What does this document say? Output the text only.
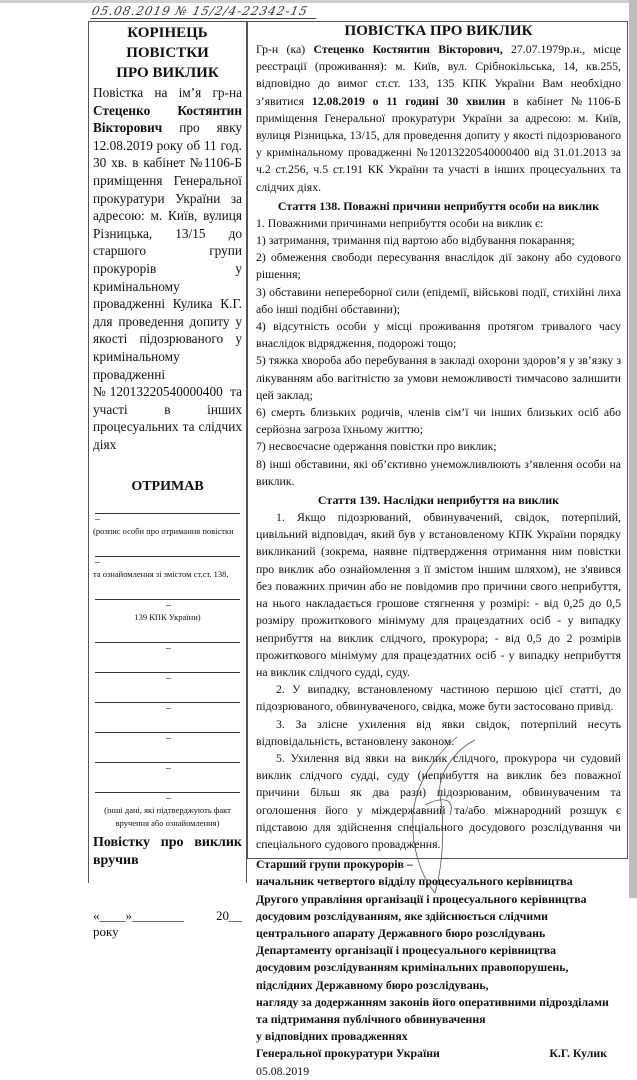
05.08.2019 № 15/2/4-22342-15
КОРІНЕЦЬ ПОВІСТКИ
ПРО ВИКЛИК
Повістка на ім’я гр-на Стеценко Костянтин Вікторович про явку 12.08.2019 року об 11 год. 30 хв. в кабінет №1106-Б приміщення Генеральної прокуратури України за адресою: м. Київ, вулиця Різницька, 13/15 до старшого групи прокурорів у кримінальному провадженні Кулика К.Г. для проведення допиту у якості підозрюваного у кримінальному провадженні №12013220540000400 та участі в інших процесуальних та слідчих діях
ОТРИМАВ
–
(розпис особи про отримання повістки
–
та ознайомлення зі змістом ст.ст. 138,
–
139 КПК України)
–
–
–
–
–
–
(інші дані, які підтверджують факт
вручення або ознайомлення)
Повістку про виклик
вручив
«____»________ 20__
року
ПОВІСТКА ПРО ВИКЛИК

Гр-н (ка) Стеценко Костянтин Вікторович, 27.07.1979р.н., місце реєстрації (проживання): м. Київ, вул. Срібнокільська, 14, кв.255, відповідно до вимог ст.ст. 133, 135 КПК України Вам необхідно з’явитися 12.08.2019 о 11 годині 30 хвилин в кабінет №1106-Б приміщення Генеральної прокуратури України за адресою: м. Київ, вулиця Різницька, 13/15, для проведення допиту у якості підозрюваного у кримінальному провадженні №12013220540000400 від 31.01.2013 за ч.2 ст.256, ч.5 ст.191 КК України та участі в інших процесуальних та слідчих діях.

Стаття 138. Поважні причини неприбуття особи на виклик

1. Поважними причинами неприбуття особи на виклик є:

1) затримання, тримання під вартою або відбування покарання;

2) обмеження свободи пересування внаслідок дії закону або судового рішення;

3) обставини непереборної сили (епідемії, військові події, стихійні лиха або інші подібні обставини);

4) відсутність особи у місці проживання протягом тривалого часу внаслідок відрядження, подорожі тощо;

5) тяжка хвороба або перебування в закладі охорони здоров’я у зв’язку з лікуванням або вагітністю за умови неможливості тимчасово залишити цей заклад;

6) смерть близьких родичів, членів сім’ї чи інших близьких осіб або серйозна загроза їхньому життю;

7) несвоєчасне одержання повістки про виклик;

8) інші обставини, які об’єктивно унеможливлюють з’явлення особи на виклик.

Стаття 139. Наслідки неприбуття на виклик

1. Якщо підозрюваний, обвинувачений, свідок, потерпілий, цивільний відповідач, який був у встановленому КПК України порядку викликаний (зокрема, наявне підтвердження отримання ним повістки про виклик або ознайомлення з її змістом іншим шляхом), не з'явився без поважних причин або не повідомив про причини свого неприбуття, на нього накладається грошове стягнення у розмірі: - від 0,25 до 0,5 розміру прожиткового мінімуму для працездатних осіб - у випадку неприбуття на виклик слідчого, прокурора; - від 0,5 до 2 розмірів прожиткового мінімуму для працездатних осіб - у випадку неприбуття на виклик слідчого судді, суду.

2. У випадку, встановленому частиною першою цієї статті, до підозрюваного, обвинуваченого, свідка, може бути застосовано привід.

3. За злісне ухилення від явки свідок, потерпілий несуть відповідальність, встановлену законом.

5. Ухилення від явки на виклик слідчого, прокурора чи судовий виклик слідчого судді, суду (неприбуття на виклик без поважної причини більш як два рази) підозрюваним, обвинуваченим та оголошення його у міждержавний та/або міжнародний розшук є підставою для здійснення спеціального досудового розслідування чи спеціального судового провадження.

Старший групи прокурорів –
начальник четвертого відділу процесуального керівництва
Другого управління організації і процесуального керівництва
досудовим розслідуванням, яке здійснюється слідчими
центрального апарату Державного бюро розслідувань
Департаменту організації і процесуального керівництва
досудовим розслідуванням кримінальних правопорушень,
підслідних Державному бюро розслідувань,
нагляду за додержанням законів його оперативними підрозділами
та підтримання публічного обвинувачення
у відповідних провадженнях
Генеральної прокуратури України	К.Г. Кулик
05.08.2019
